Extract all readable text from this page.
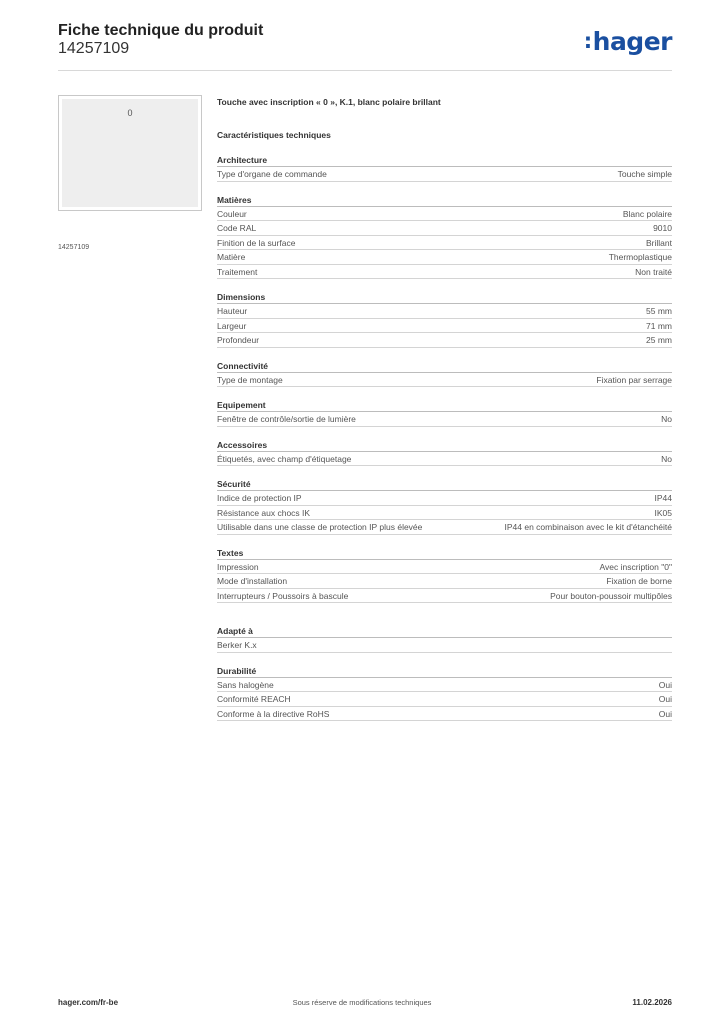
Fiche technique du produit
14257109	:hager
0
14257109
Touche avec inscription « 0 », K.1, blanc polaire brillant
Caractéristiques techniques
Architecture
Type d'organe de commande	Touche simple
Matières
Couleur	Blanc polaire
Code RAL	9010
Finition de la surface	Brillant
Matière	Thermoplastique
Traitement	Non traité
Dimensions
Hauteur	55 mm
Largeur	71 mm
Profondeur	25 mm
Connectivité
Type de montage	Fixation par serrage
Equipement
Fenêtre de contrôle/sortie de lumière	No
Accessoires
Étiquetés, avec champ d'étiquetage	No
Sécurité
Indice de protection IP	IP44
Résistance aux chocs IK	IK05
Utilisable dans une classe de protection IP plus élevée	IP44 en combinaison avec le kit d'étanchéité
Textes
Impression	Avec inscription "0"
Mode d'installation	Fixation de borne
Interrupteurs / Poussoirs à bascule	Pour bouton-poussoir multipôles
Adapté à
Berker K.x
Durabilité
Sans halogène	Oui
Conformité REACH	Oui
Conforme à la directive RoHS	Oui
hager.com/fr-be	Sous réserve de modifications techniques	11.02.2026
